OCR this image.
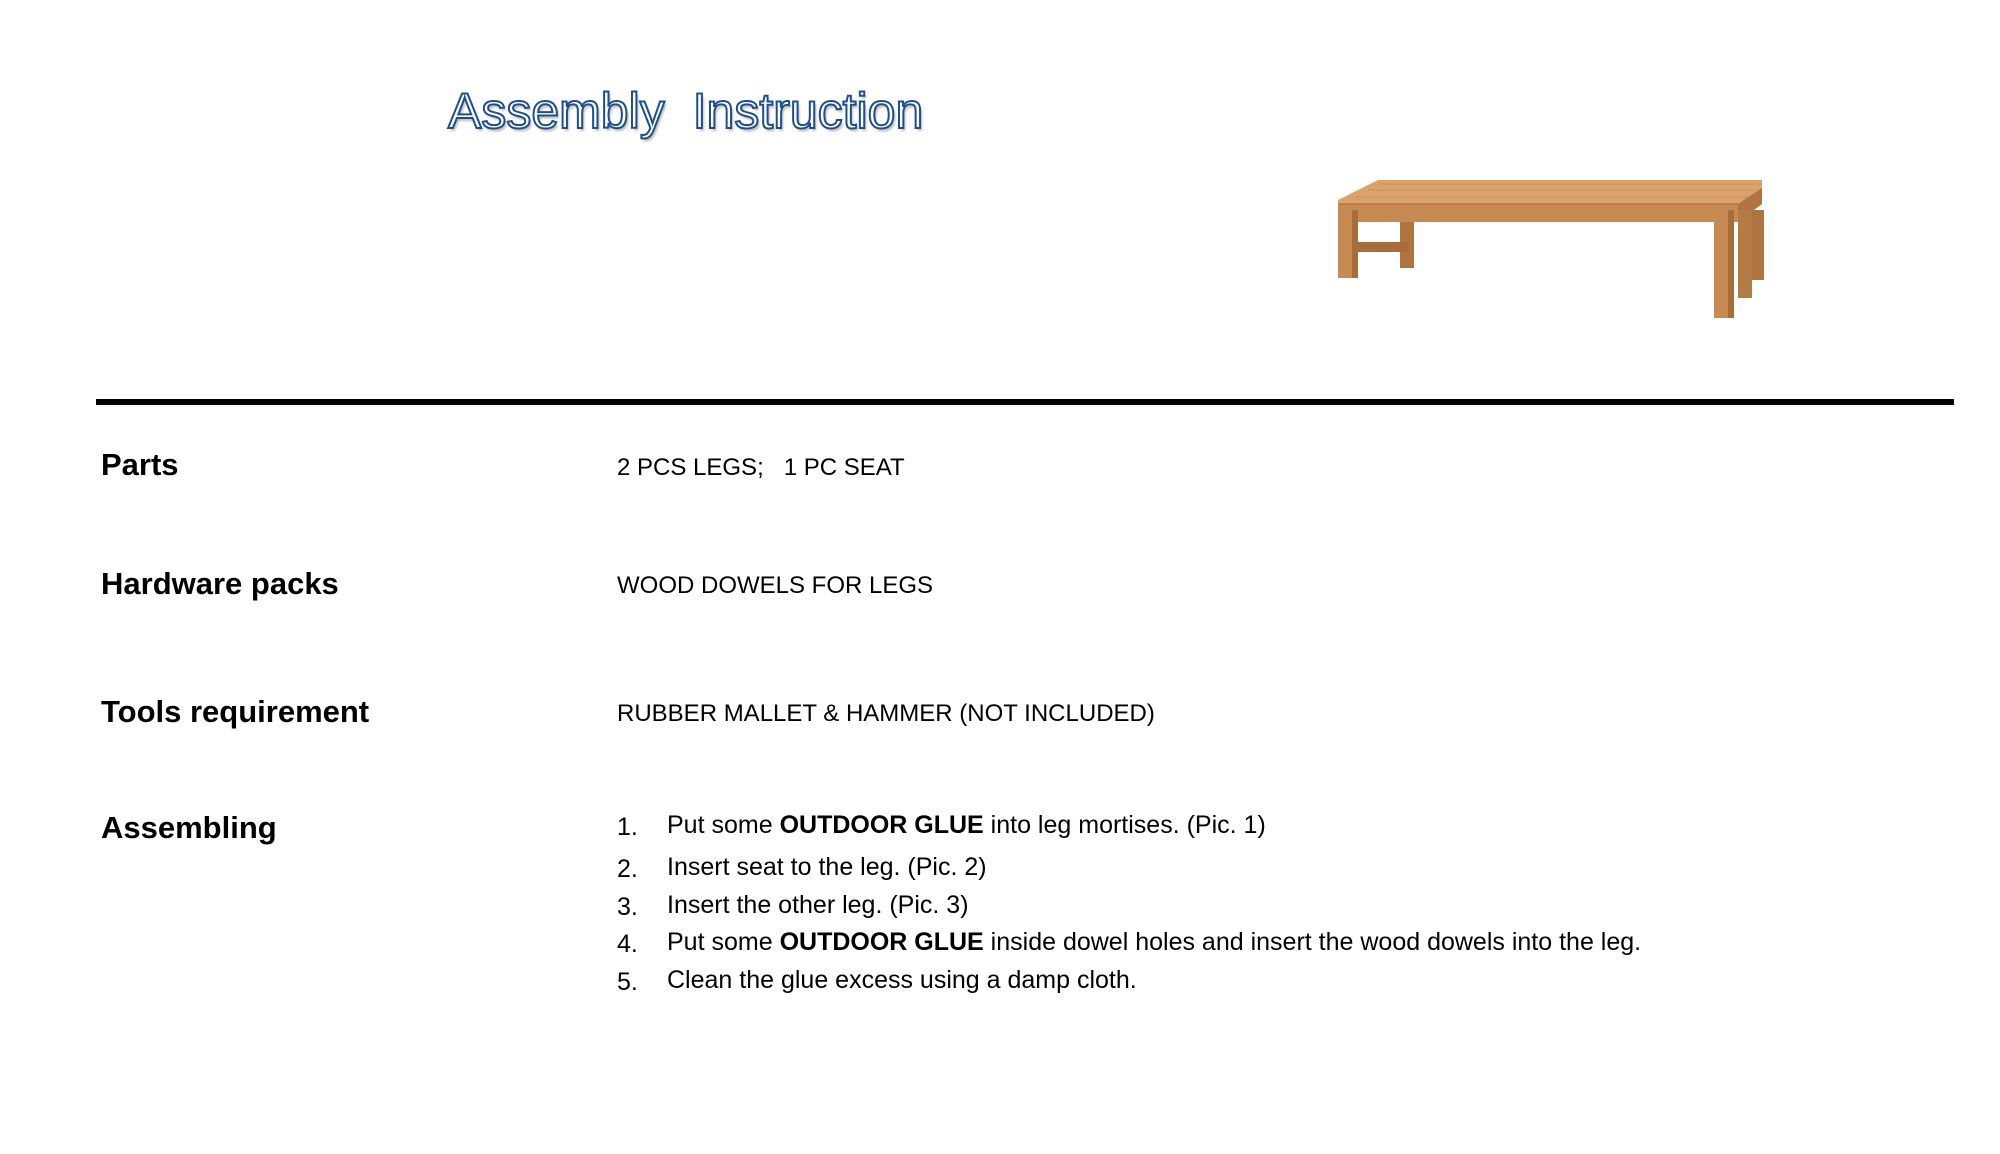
Assembly Instruction
Parts	2 PCS LEGS; 1 PC SEAT
Hardware packs	WOOD DOWELS FOR LEGS
Tools requirement	RUBBER MALLET & HAMMER (NOT INCLUDED)
Assembling	1.	Put some OUTDOOR GLUE into leg mortises. (Pic. 1)
2.	Insert seat to the leg. (Pic. 2)
3.	Insert the other leg. (Pic. 3)
4.	Put some OUTDOOR GLUE inside dowel holes and insert the wood dowels into the leg.
5.	Clean the glue excess using a damp cloth.
